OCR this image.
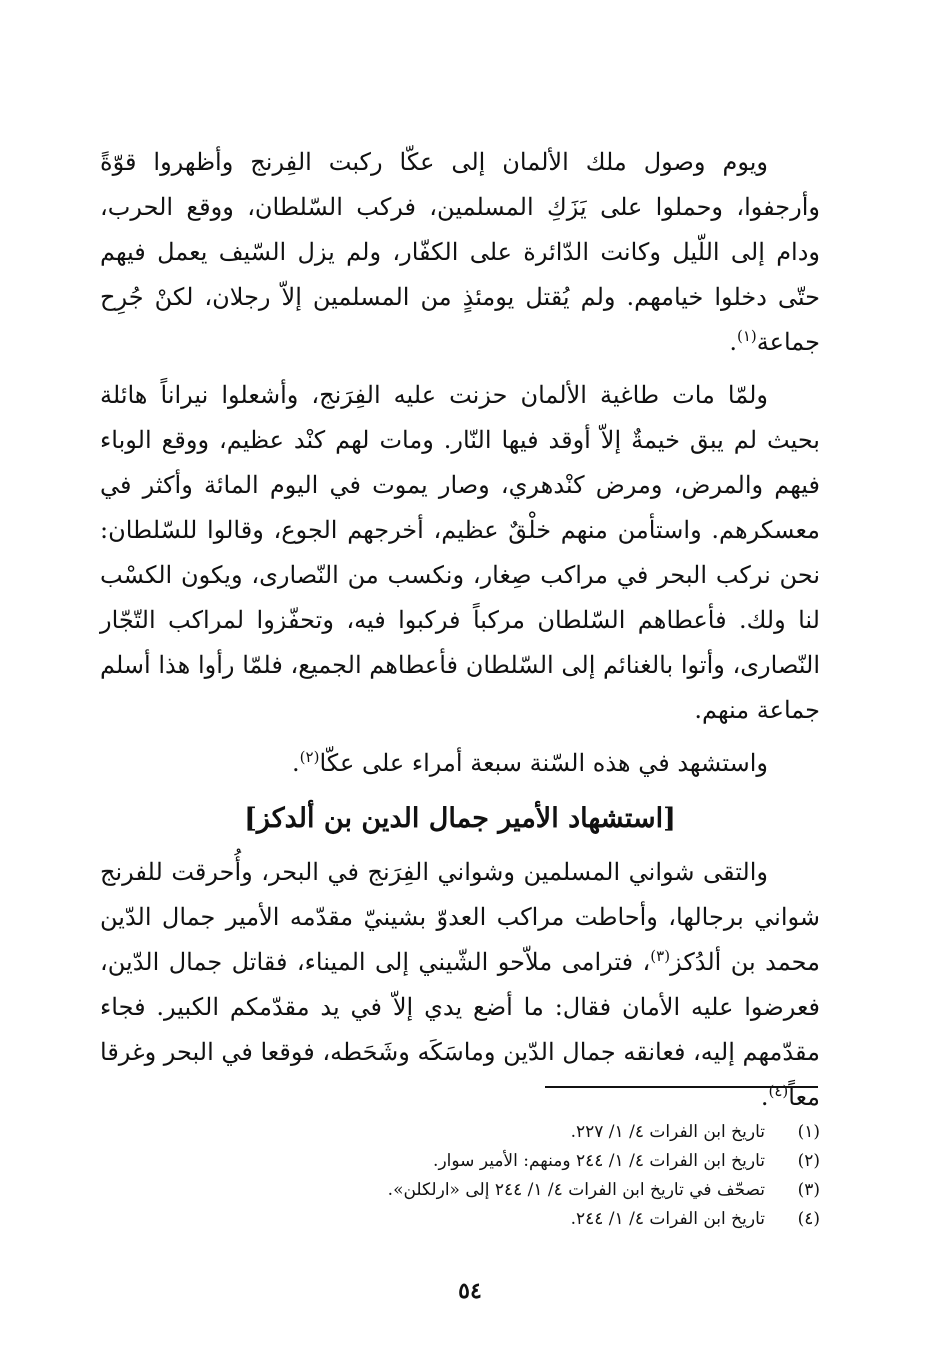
ويوم وصول ملك الألمان إلى عكّا ركبت الفِرنج وأظهروا قوّةً وأرجفوا، وحملوا على يَزَكِ المسلمين، فركب السّلطان، ووقع الحرب، ودام إلى اللّيل وكانت الدّائرة على الكفّار، ولم يزل السّيف يعمل فيهم حتّى دخلوا خيامهم. ولم يُقتل يومئذٍ من المسلمين إلاّ رجلان، لكنْ جُرِح جماعة$^{(١)}$.

ولمّا مات طاغية الألمان حزنت عليه الفِرَنج، وأشعلوا نيراناً هائلة بحيث لم يبق خيمةٌ إلاّ أوقد فيها النّار. ومات لهم كنْد عظيم، ووقع الوباء فيهم والمرض، ومرض كنْدهري، وصار يموت في اليوم المائة وأكثر في معسكرهم. واستأمن منهم خلْقٌ عظيم، أخرجهم الجوع، وقالوا للسّلطان: نحن نركب البحر في مراكب صِغار، ونكسب من النّصارى، ويكون الكسْب لنا ولك. فأعطاهم السّلطان مركباً فركبوا فيه، وتحفّزوا لمراكب التّجّار النّصارى، وأتوا بالغنائم إلى السّلطان فأعطاهم الجميع، فلمّا رأوا هذا أسلم جماعة منهم.

واستشهد في هذه السّنة سبعة أمراء على عكّا$^{(٢)}$.

[استشهاد الأمير جمال الدين بن ألدكز]

والتقى شواني المسلمين وشواني الفِرَنج في البحر، وأُحرقت للفرنج شواني برجالها، وأحاطت مراكب العدوّ بشينيّ مقدّمه الأمير جمال الدّين محمد بن ألدُكز$^{(٣)}$، فترامى ملاّحو الشّيني إلى الميناء، فقاتل جمال الدّين، فعرضوا عليه الأمان فقال: ما أضع يدي إلاّ في يد مقدّمكم الكبير. فجاء مقدّمهم إليه، فعانقه جمال الدّين وماسَكَه وشَحَطه، فوقعا في البحر وغرقا معاً$^{(٤)}$.

(١)
تاريخ ابن الفرات ٤/ ١/ ٢٢٧.
(٢)
تاريخ ابن الفرات ٤/ ١/ ٢٤٤ ومنهم: الأمير سوار.
(٣)
تصحّف في تاريخ ابن الفرات ٤/ ١/ ٢٤٤ إلى «ارلكلن».
(٤)
تاريخ ابن الفرات ٤/ ١/ ٢٤٤.
٥٤
